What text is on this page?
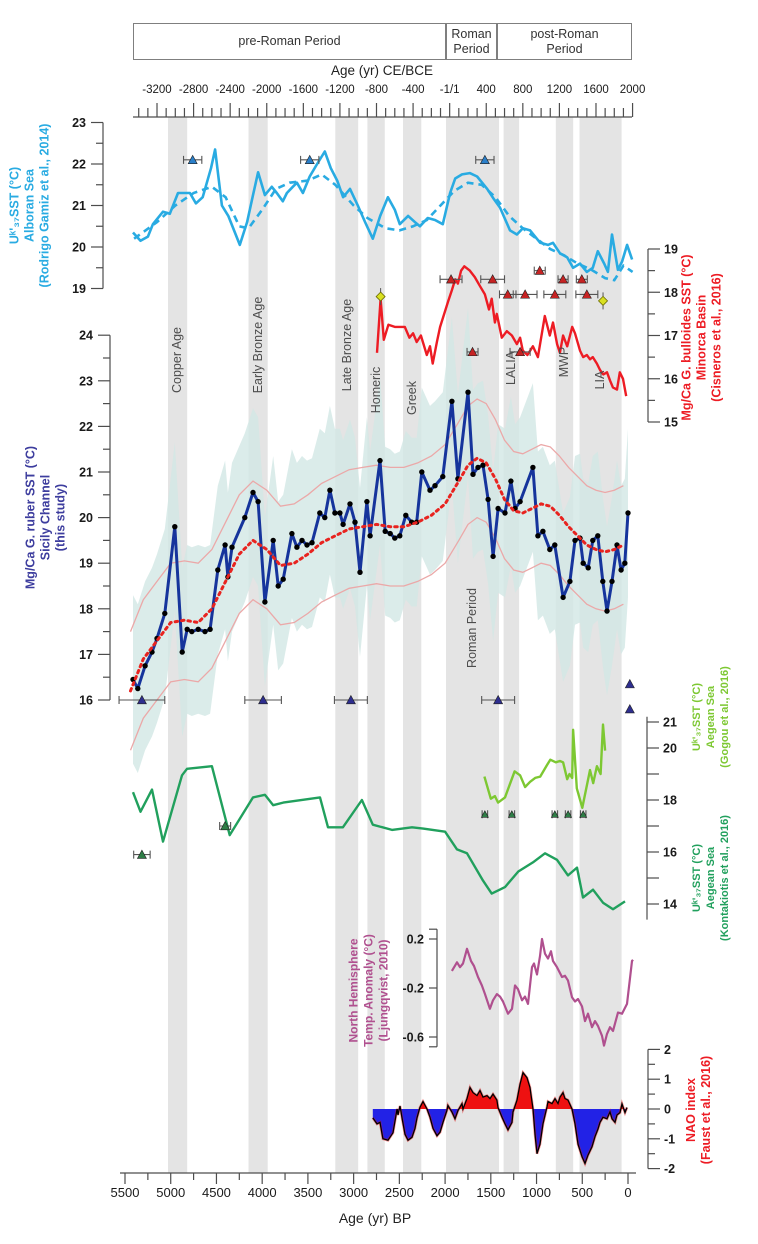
-3200 -2800 -2400 -2000 -1600 -1200 -800 -400 -1/1 400 800 1200 1600 2000
5500 5000 4500 4000 3500 3000 2500 2000 1500 1000 500 0
23
22
21
20
19
24
23
22
21
20
19
18
17
16
19
18
17
16
15
21
20
18
16
14
0.2
-0.2
-0.6
2
1
0
-1
-2
pre-Roman Period
Roman Period
post-Roman Period
Age (yr) CE/BCE
Age (yr) BP
Uᵏ'₃₇SST (°C) Alboran Sea (Rodrigo Gamiz et al., 2014)
Mg/Ca G. bulloides SST (°C) Minorca Basin (Cisneros et al., 2016)
Mg/Ca G. ruber SST (°C) Sicily Channel (this study)
Uᵏ'₃₇SST (°C) Aegean Sea (Gogou et al., 2016)
Uᵏ'₃₇SST (°C) Aegean Sea (Kontakiotis et al., 2016)
North Hemisphere Temp. Anomaly (°C) (Ljungqvist, 2010)
NAO index (Faust et al., 2016)
Copper Age	Early Bronze Age	Late Bronze Age Homeric Greek
Roman Period
LALIA	MWP
LIA
